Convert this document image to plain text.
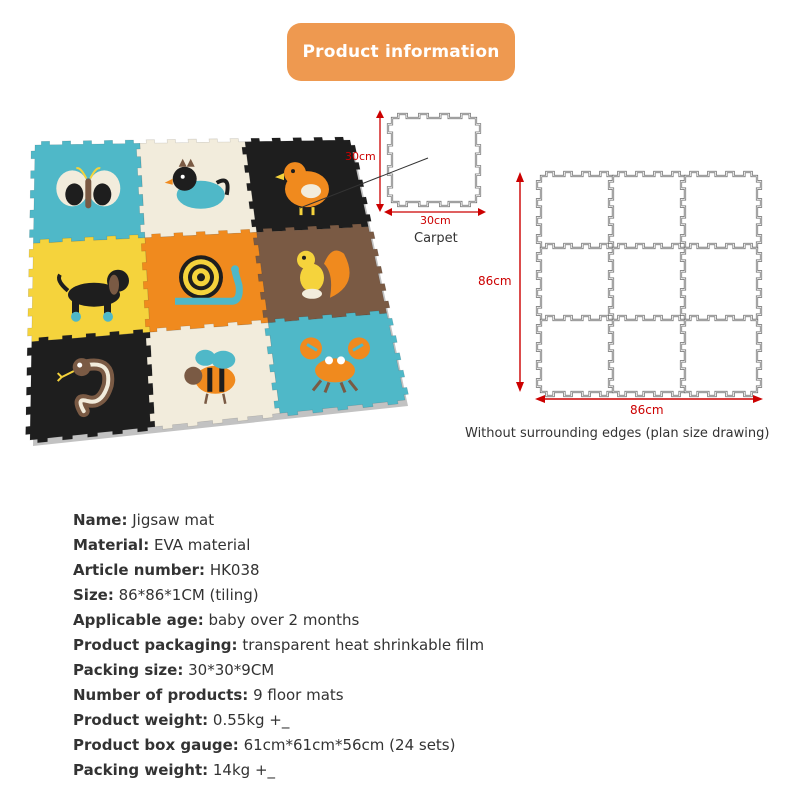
Product information
30cm
30cm
Carpet
86cm
86cm
Without surrounding edges (plan size drawing)
Name: Jigsaw mat
Material: EVA material
Article number: HK038
Size: 86*86*1CM (tiling)
Applicable age: baby over 2 months
Product packaging: transparent heat shrinkable film
Packing size: 30*30*9CM
Number of products: 9 floor mats
Product weight: 0.55kg +_
Product box gauge: 61cm*61cm*56cm (24 sets)
Packing weight: 14kg +_
